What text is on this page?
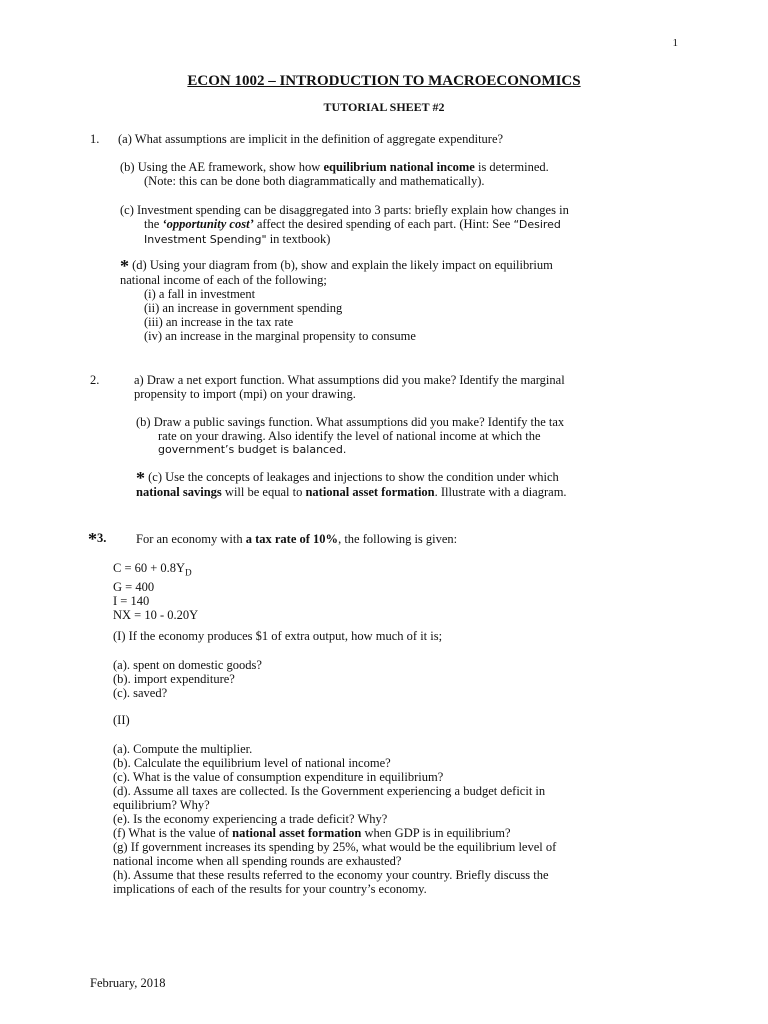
1
ECON 1002 – INTRODUCTION TO MACROECONOMICS
TUTORIAL SHEET #2
1. (a) What assumptions are implicit in the definition of aggregate expenditure?
(b) Using the AE framework, show how equilibrium national income is determined.
(Note: this can be done both diagrammatically and mathematically).
(c) Investment spending can be disaggregated into 3 parts: briefly explain how changes in
the ‘opportunity cost’ affect the desired spending of each part. (Hint: See “Desired
Investment Spending" in textbook)
* (d) Using your diagram from (b), show and explain the likely impact on equilibrium
national income of each of the following;
(i) a fall in investment
(ii) an increase in government spending
(iii) an increase in the tax rate
(iv) an increase in the marginal propensity to consume
2.	a) Draw a net export function. What assumptions did you make? Identify the marginal
propensity to import (mpi) on your drawing.
(b) Draw a public savings function. What assumptions did you make? Identify the tax
rate on your drawing. Also identify the level of national income at which the
government’s budget is balanced.
* (c) Use the concepts of leakages and injections to show the condition under which
national savings will be equal to national asset formation. Illustrate with a diagram.
*3. For an economy with a tax rate of 10%, the following is given:
$C = 60 + 0.8Y_D$
G = 400
I = 140
NX = 10 - 0.20Y
(I) If the economy produces $1 of extra output, how much of it is;
(a). spent on domestic goods?
(b). import expenditure?
(c). saved?
(II)
(a). Compute the multiplier.
(b). Calculate the equilibrium level of national income?
(c). What is the value of consumption expenditure in equilibrium?
(d). Assume all taxes are collected. Is the Government experiencing a budget deficit in
equilibrium? Why?
(e). Is the economy experiencing a trade deficit? Why?
(f) What is the value of national asset formation when GDP is in equilibrium?
(g) If government increases its spending by 25%, what would be the equilibrium level of
national income when all spending rounds are exhausted?
(h). Assume that these results referred to the economy your country. Briefly discuss the
implications of each of the results for your country’s economy.
February, 2018
